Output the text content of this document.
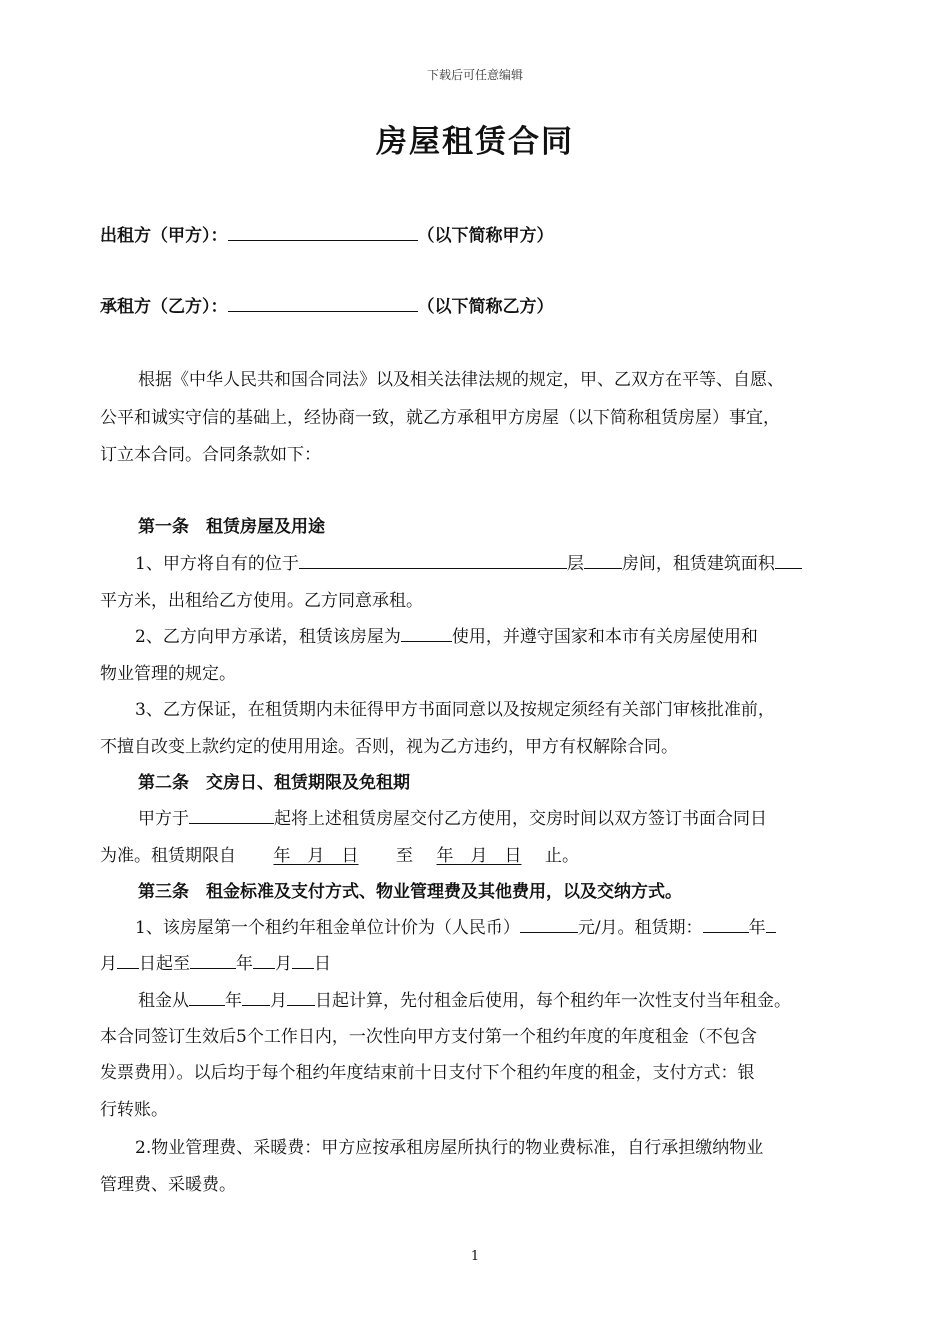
下载后可任意编辑
房屋租赁合同
出租方（甲方）：	（以下简称甲方）
承租方（乙方）：	（以下简称乙方）
根据《中华人民共和国合同法》以及相关法律法规的规定，甲、乙双方在平等、自愿、
公平和诚实守信的基础上，经协商一致，就乙方承租甲方房屋（以下简称租赁房屋）事宜，
订立本合同。合同条款如下：
第一条　租赁房屋及用途
1、甲方将自有的位于	层 房间，租赁建筑面积
平方米，出租给乙方使用。乙方同意承租。
2、乙方向甲方承诺，租赁该房屋为	使用，并遵守国家和本市有关房屋使用和
物业管理的规定。
3、乙方保证，在租赁期内未征得甲方书面同意以及按规定须经有关部门审核批准前，
不擅自改变上款约定的使用用途。否则，视为乙方违约，甲方有权解除合同。
第二条　交房日、租赁期限及免租期
甲方于	起将上述租赁房屋交付乙方使用，交房时间以双方签订书面合同日
为准。租赁期限自 年　月　日 至 年　月　日 止。
第三条　租金标准及支付方式、物业管理费及其他费用，以及交纳方式。
1、该房屋第一个租约年租金单位计价为（人民币）	元/月。租赁期：	年
月 日起至	年 月 日
租金从 年 月 日起计算，先付租金后使用，每个租约年一次性支付当年租金。
本合同签订生效后5个工作日内，一次性向甲方支付第一个租约年度的年度租金（不包含
发票费用）。以后均于每个租约年度结束前十日支付下个租约年度的租金，支付方式：银
行转账。
2.物业管理费、采暖费：甲方应按承租房屋所执行的物业费标准，自行承担缴纳物业
管理费、采暖费。
1
